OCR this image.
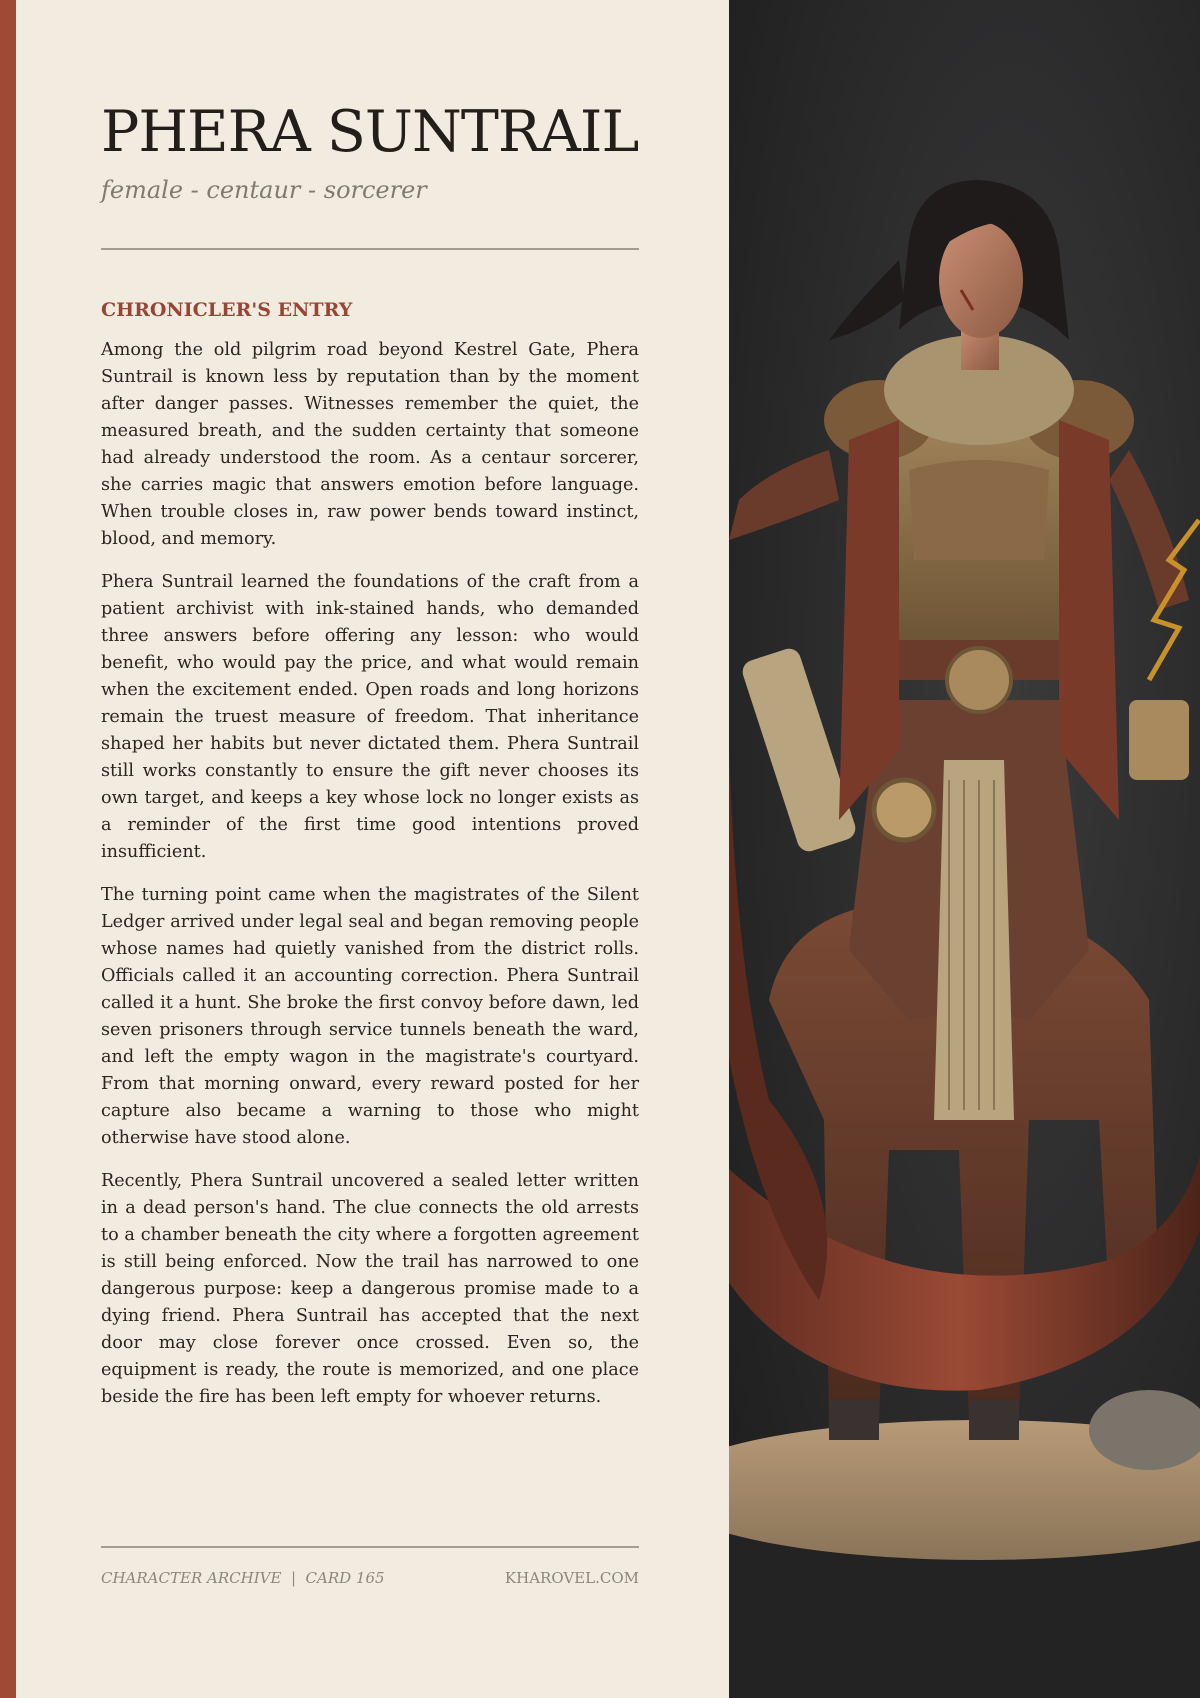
PHERA SUNTRAIL
female - centaur - sorcerer
CHRONICLER'S ENTRY

Among the old pilgrim road beyond Kestrel Gate, Phera Suntrail is known less by reputation than by the moment after danger passes. Witnesses remember the quiet, the measured breath, and the sudden certainty that someone had already understood the room. As a centaur sorcerer, she carries magic that answers emotion before language. When trouble closes in, raw power bends toward instinct, blood, and memory.

Phera Suntrail learned the foundations of the craft from a patient archivist with ink-stained hands, who demanded three answers before offering any lesson: who would benefit, who would pay the price, and what would remain when the excitement ended. Open roads and long horizons remain the truest measure of freedom. That inheritance shaped her habits but never dictated them. Phera Suntrail still works constantly to ensure the gift never chooses its own target, and keeps a key whose lock no longer exists as a reminder of the first time good intentions proved insufficient.

The turning point came when the magistrates of the Silent Ledger arrived under legal seal and began removing people whose names had quietly vanished from the district rolls. Officials called it an accounting correction. Phera Suntrail called it a hunt. She broke the first convoy before dawn, led seven prisoners through service tunnels beneath the ward, and left the empty wagon in the magistrate's courtyard. From that morning onward, every reward posted for her capture also became a warning to those who might otherwise have stood alone.

Recently, Phera Suntrail uncovered a sealed letter written in a dead person's hand. The clue connects the old arrests to a chamber beneath the city where a forgotten agreement is still being enforced. Now the trail has narrowed to one dangerous purpose: keep a dangerous promise made to a dying friend. Phera Suntrail has accepted that the next door may close forever once crossed. Even so, the equipment is ready, the route is memorized, and one place beside the fire has been left empty for whoever returns.

CHARACTER ARCHIVE  |  CARD 165	KHAROVEL.COM
